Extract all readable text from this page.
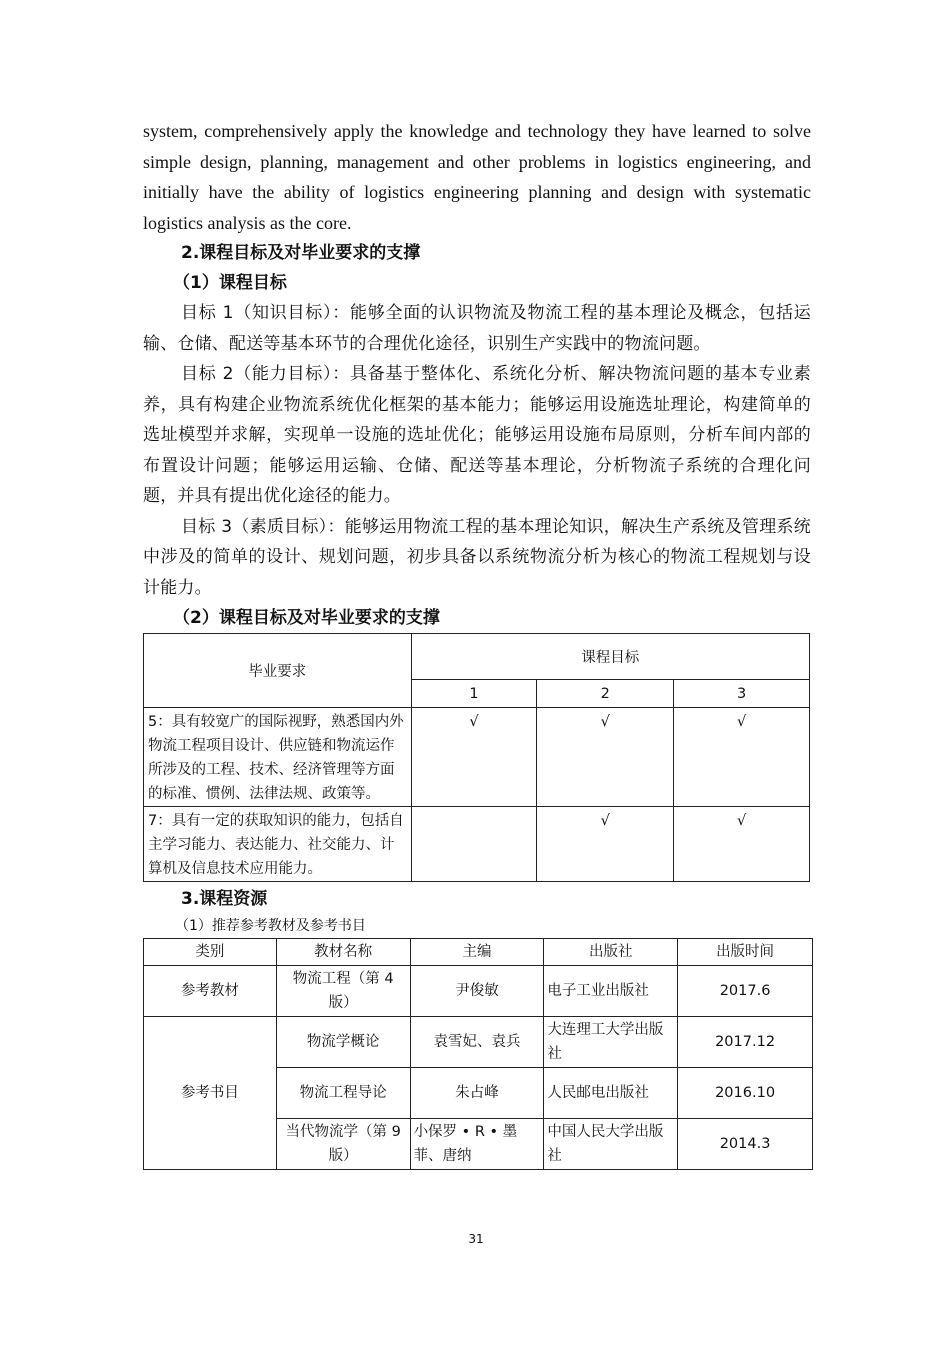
system, comprehensively apply the knowledge and technology they have learned to solve simple design, planning, management and other problems in logistics engineering, and initially have the ability of logistics engineering planning and design with systematic logistics analysis as the core.

2.课程目标及对毕业要求的支撑

（1）课程目标

目标 1（知识目标）：能够全面的认识物流及物流工程的基本理论及概念，包括运输、仓储、配送等基本环节的合理优化途径，识别生产实践中的物流问题。

目标 2（能力目标）：具备基于整体化、系统化分析、解决物流问题的基本专业素养，具有构建企业物流系统优化框架的基本能力；能够运用设施选址理论，构建简单的选址模型并求解，实现单一设施的选址优化；能够运用设施布局原则，分析车间内部的布置设计问题；能够运用运输、仓储、配送等基本理论，分析物流子系统的合理化问题，并具有提出优化途径的能力。

目标 3（素质目标）：能够运用物流工程的基本理论知识，解决生产系统及管理系统中涉及的简单的设计、规划问题，初步具备以系统物流分析为核心的物流工程规划与设计能力。

（2）课程目标及对毕业要求的支撑

毕业要求	课程目标		
	1	2	3
5：具有较宽广的国际视野，熟悉国内外物流工程项目设计、供应链和物流运作所涉及的工程、技术、经济管理等方面的标准、惯例、法律法规、政策等。	√	√	√
7：具有一定的获取知识的能力，包括自主学习能力、表达能力、社交能力、计算机及信息技术应用能力。		√	√

3.课程资源

（1）推荐参考教材及参考书目

类别	教材名称	主编	出版社	出版时间
参考教材	物流工程（第 4 版）	尹俊敏	电子工业出版社	2017.6
参考书目	物流学概论	袁雪妃、袁兵	大连理工大学出版社	2017.12
	物流工程导论	朱占峰	人民邮电出版社	2016.10
	当代物流学（第 9 版）	小保罗 • R • 墨菲、唐纳	中国人民大学出版社	2014.3
31
